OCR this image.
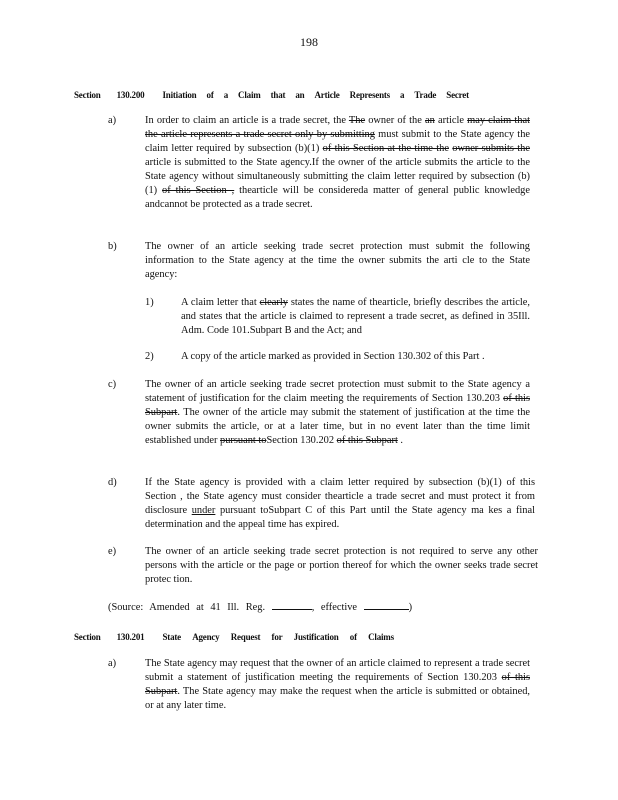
198
Section 130.200 Initiation of a Claim that an Article Represents a Trade Secret
a)	In order to claim an article is a trade secret, the The owner of the an article may claim that the article represents a trade secret only by submitting must submit to the State agency the claim letter required by subsection (b)(1) of this Section at the time the owner submits the article is submitted to the State agency.If the owner of the article submits the article to the State agency without simultaneously submitting the claim letter required by subsection (b)(1) of this Section , thearticle will be considereda matter of general public knowledge andcannot be protected as a trade secret.
b)	The owner of an article seeking trade secret protection must submit the following information to the State agency at the time the owner submits the arti cle to the State agency:
1)	A claim letter that clearly states the name of thearticle, briefly describes the article, and states that the article is claimed to represent a trade secret, as defined in 35Ill. Adm. Code 101.Subpart B and the Act; and
2)	A copy of the article marked as provided in Section 130.302 of this Part .
c)	The owner of an article seeking trade secret protection must submit to the State agency a statement of justification for the claim meeting the requirements of Section 130.203 of this Subpart. The owner of the article may submit the statement of justification at the time the owner submits the article, or at a later time, but in no event later than the time limit established under pursuant toSection 130.202 of this Subpart .
d)	If the State agency is provided with a claim letter required by subsection (b)(1) of this Section , the State agency must consider thearticle a trade secret and must protect it from disclosure under pursuant toSubpart C of this Part until the State agency ma kes a final determination and the appeal time has expired.
e)	The owner of an article seeking trade secret protection is not required to serve any other persons with the article or the page or portion thereof for which the owner seeks trade secret protec tion.
(Source: Amended at 41 Ill. Reg.	, effective	)
Section 130.201 State Agency Request for Justification of Claims
a)	The State agency may request that the owner of an article claimed to represent a trade secret submit a statement of justification meeting the requirements of Section 130.203 of this Subpart. The State agency may make the request when the article is submitted or obtained, or at any later time.
